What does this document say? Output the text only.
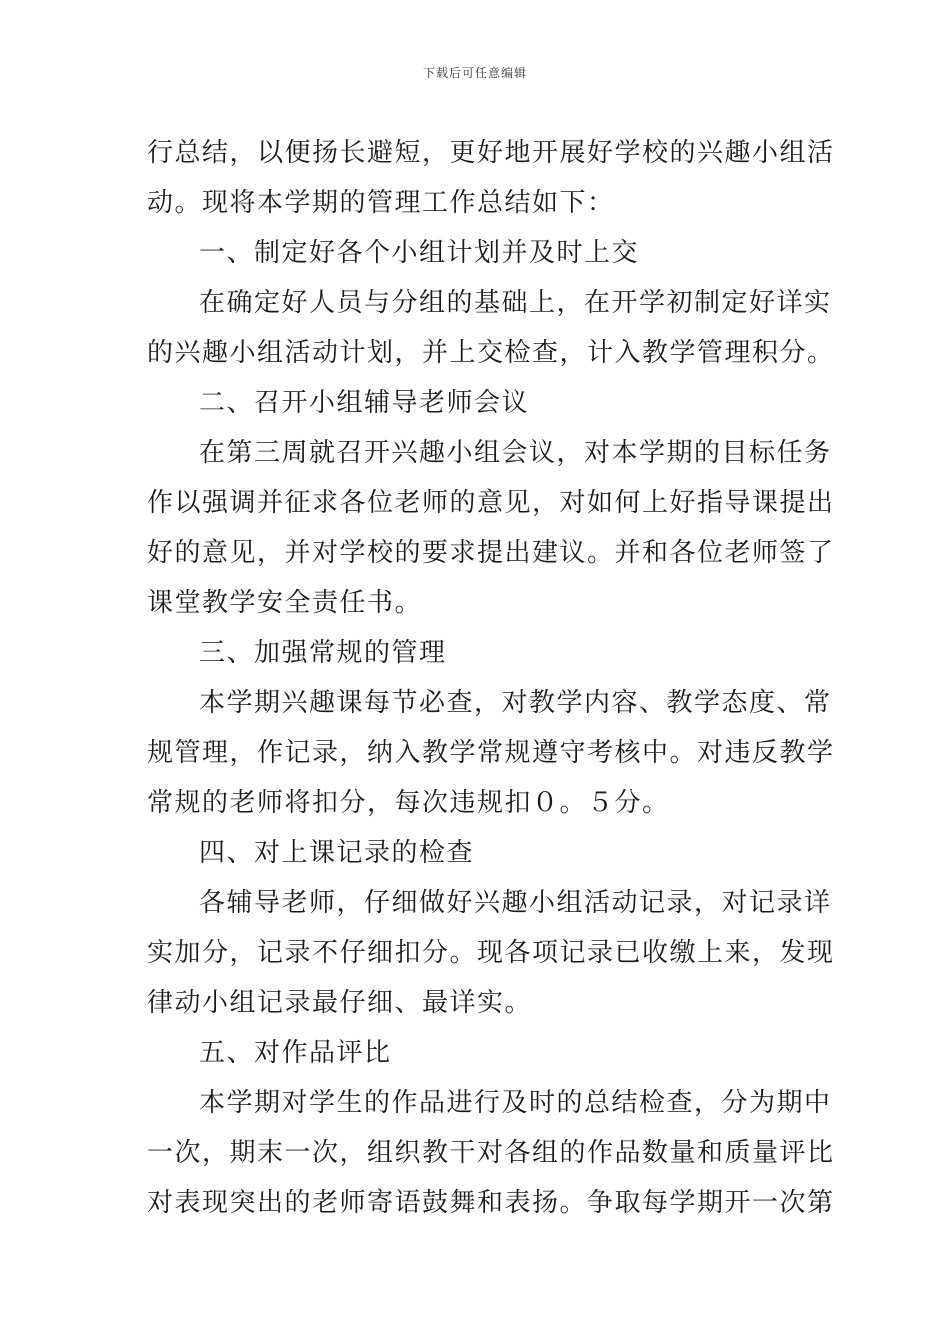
下载后可任意编辑
行总结，以便扬长避短，更好地开展好学校的兴趣小组活
动。现将本学期的管理工作总结如下：
一、制定好各个小组计划并及时上交
在确定好人员与分组的基础上，在开学初制定好详实
的兴趣小组活动计划，并上交检查，计入教学管理积分。
二、召开小组辅导老师会议
在第三周就召开兴趣小组会议，对本学期的目标任务
作以强调并征求各位老师的意见，对如何上好指导课提出
好的意见，并对学校的要求提出建议。并和各位老师签了
课堂教学安全责任书。
三、加强常规的管理
本学期兴趣课每节必查，对教学内容、教学态度、常
规管理，作记录，纳入教学常规遵守考核中。对违反教学
常规的老师将扣分，每次违规扣０。５分。
四、对上课记录的检查
各辅导老师，仔细做好兴趣小组活动记录，对记录详
实加分，记录不仔细扣分。现各项记录已收缴上来，发现
律动小组记录最仔细、最详实。
五、对作品评比
本学期对学生的作品进行及时的总结检查，分为期中
一次，期末一次，组织教干对各组的作品数量和质量评比
对表现突出的老师寄语鼓舞和表扬。争取每学期开一次第
